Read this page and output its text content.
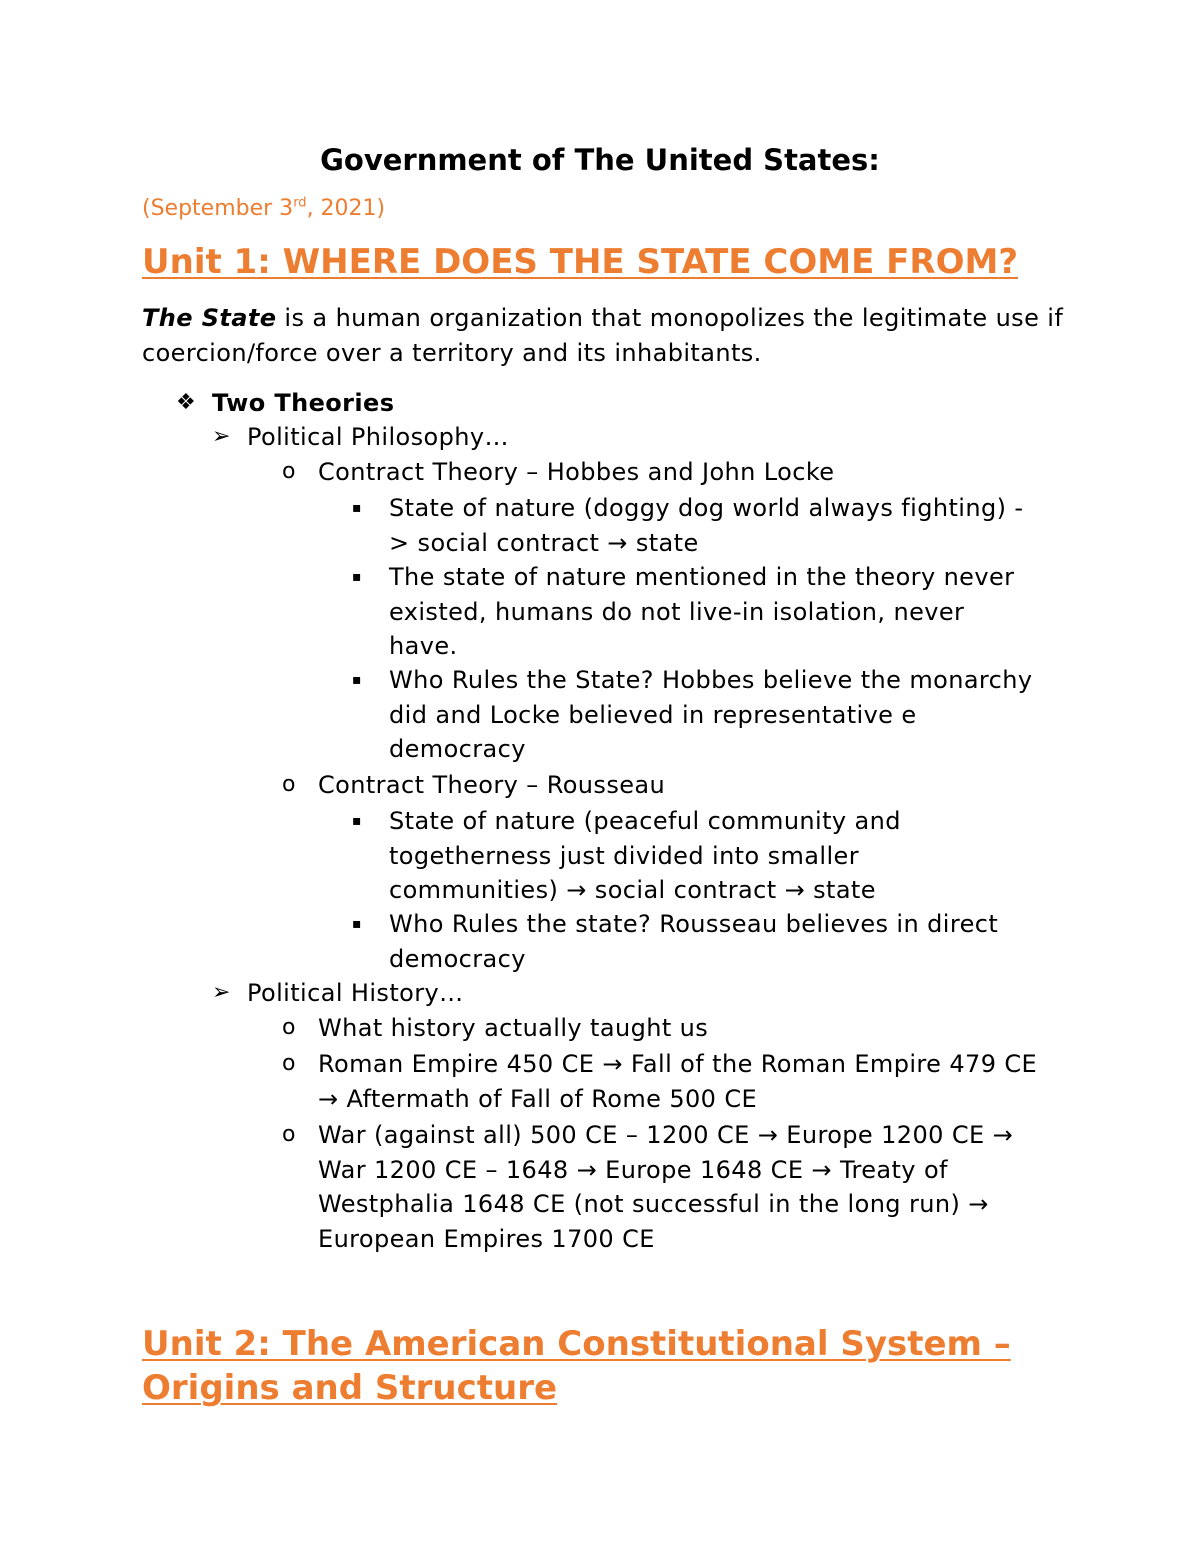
Government of The United States:
(September 3rd, 2021)
Unit 1: WHERE DOES THE STATE COME FROM?
The State is a human organization that monopolizes the legitimate use if coercion/force over a territory and its inhabitants.
❖ Two Theories
➢ Political Philosophy…
o Contract Theory – Hobbes and John Locke
▪ State of nature (doggy dog world always fighting) -> social contract → state
▪ The state of nature mentioned in the theory never existed, humans do not live-in isolation, never have.
▪ Who Rules the State? Hobbes believe the monarchy did and Locke believed in representative e democracy
o Contract Theory – Rousseau
▪ State of nature (peaceful community and togetherness just divided into smaller communities) → social contract → state
▪ Who Rules the state? Rousseau believes in direct democracy
➢ Political History…
o What history actually taught us
o Roman Empire 450 CE → Fall of the Roman Empire 479 CE → Aftermath of Fall of Rome 500 CE
o War (against all) 500 CE – 1200 CE → Europe 1200 CE → War 1200 CE – 1648 → Europe 1648 CE → Treaty of Westphalia 1648 CE (not successful in the long run) → European Empires 1700 CE
Unit 2: The American Constitutional System – Origins and Structure
